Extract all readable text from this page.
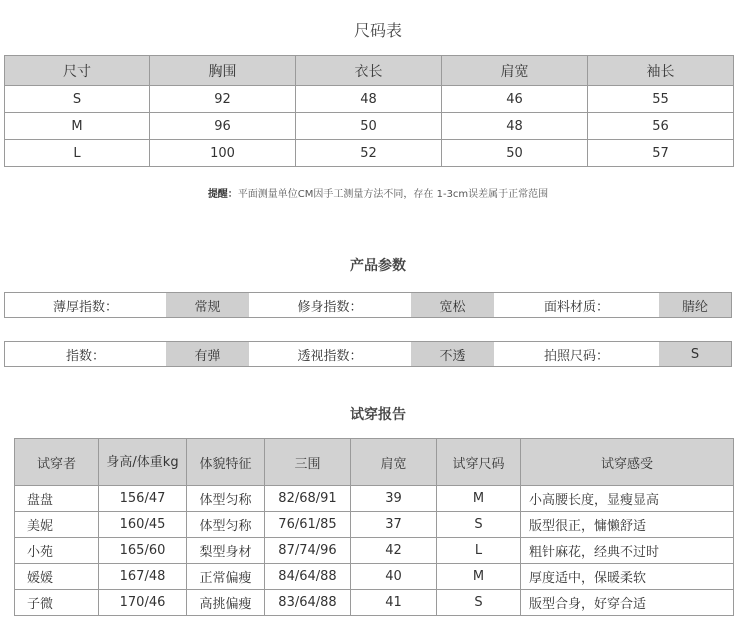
尺码表
尺寸	胸围	衣长	肩宽	袖长
S	92	48	46	55
M	96	50	48	56
L	100	52	50	57
提醒：平面测量单位CM因手工测量方法不同，存在 1-3cm误差属于正常范围
产品参数
薄厚指数：	常规	修身指数：	宽松	面料材质：	腈纶
指数：	有弹	透视指数：	不透	拍照尺码：	S
试穿报告
试穿者	身高/体重kg	体貌特征	三围	肩宽	试穿尺码	试穿感受
盘盘	156/47	体型匀称	82/68/91	39	M	小高腰长度，显瘦显高
美妮	160/45	体型匀称	76/61/85	37	S	版型很正，慵懒舒适
小苑	165/60	梨型身材	87/74/96	42	L	粗针麻花，经典不过时
媛媛	167/48	正常偏瘦	84/64/88	40	M	厚度适中，保暖柔软
子微	170/46	高挑偏瘦	83/64/88	41	S	版型合身，好穿合适
